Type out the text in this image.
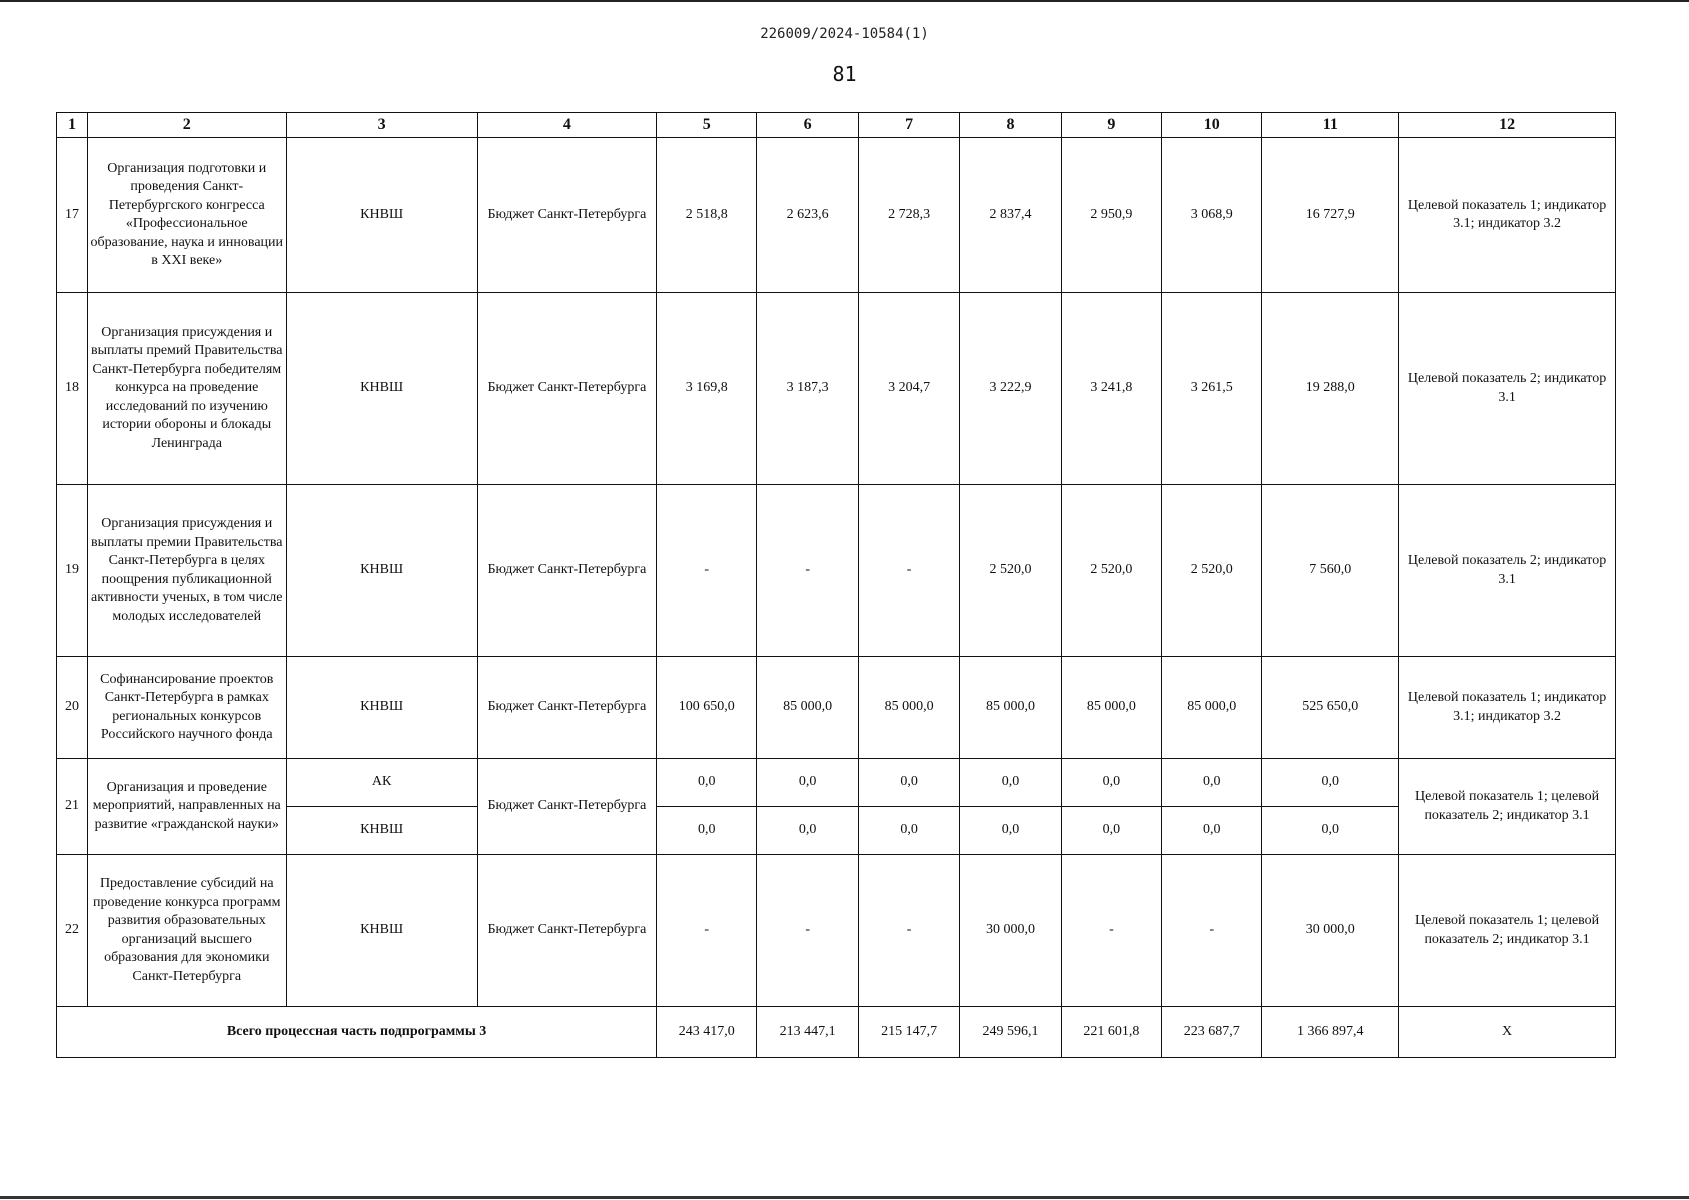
226009/2024-10584(1)
81
1	2	3	4	5	6	7	8	9	10	11	12
17	Организация подготовки и проведения Санкт-Петербургского конгресса «Профессиональное образование, наука и инновации в XXI веке»	КНВШ	Бюджет Санкт-Петербурга	2 518,8	2 623,6	2 728,3	2 837,4	2 950,9	3 068,9	16 727,9	Целевой показатель 1; индикатор 3.1; индикатор 3.2
18	Организация присуждения и выплаты премий Правительства Санкт-Петербурга победителям конкурса на проведение исследований по изучению истории обороны и блокады Ленинграда	КНВШ	Бюджет Санкт-Петербурга	3 169,8	3 187,3	3 204,7	3 222,9	3 241,8	3 261,5	19 288,0	Целевой показатель 2; индикатор 3.1
19	Организация присуждения и выплаты премии Правительства Санкт-Петербурга в целях поощрения публикационной активности ученых, в том числе молодых исследователей	КНВШ	Бюджет Санкт-Петербурга	-	-	-	2 520,0	2 520,0	2 520,0	7 560,0	Целевой показатель 2; индикатор 3.1
20	Софинансирование проектов Санкт-Петербурга в рамках региональных конкурсов Российского научного фонда	КНВШ	Бюджет Санкт-Петербурга	100 650,0	85 000,0	85 000,0	85 000,0	85 000,0	85 000,0	525 650,0	Целевой показатель 1; индикатор 3.1; индикатор 3.2
21	Организация и проведение мероприятий, направленных на развитие «гражданской науки»	АК	Бюджет Санкт-Петербурга	0,0	0,0	0,0	0,0	0,0	0,0	0,0	Целевой показатель 1; целевой показатель 2; индикатор 3.1
		КНВШ		0,0	0,0	0,0	0,0	0,0	0,0	0,0	
22	Предоставление субсидий на проведение конкурса программ развития образовательных организаций высшего образования для экономики Санкт-Петербурга	КНВШ	Бюджет Санкт-Петербурга	-	-	-	30 000,0	-	-	30 000,0	Целевой показатель 1; целевой показатель 2; индикатор 3.1
Всего процессная часть подпрограммы 3				243 417,0	213 447,1	215 147,7	249 596,1	221 601,8	223 687,7	1 366 897,4	Х
